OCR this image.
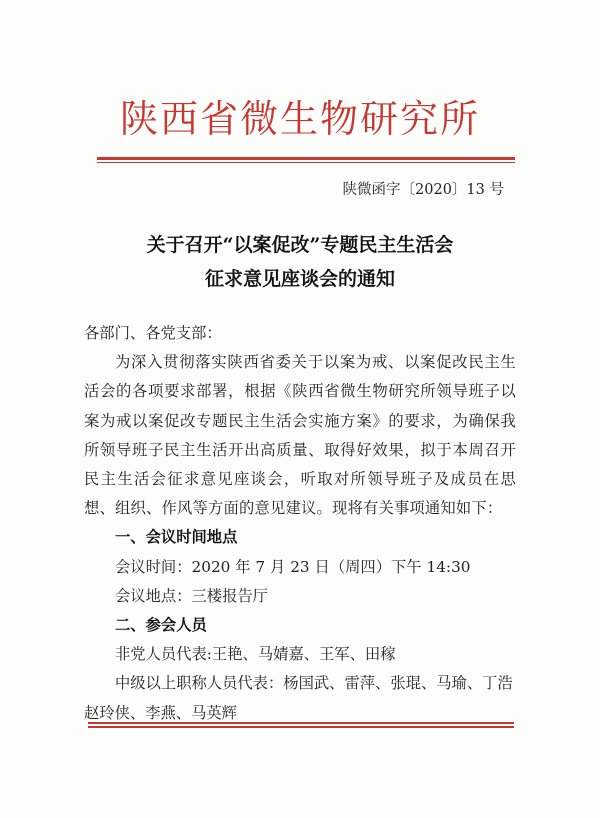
陕西省微生物研究所
陕微函字〔2020〕13 号
关于召开“以案促改”专题民主生活会
征求意见座谈会的通知

各部门、各党支部：

为深入贯彻落实陕西省委关于以案为戒、以案促改民主生活会的各项要求部署，根据《陕西省微生物研究所领导班子以案为戒以案促改专题民主生活会实施方案》的要求，为确保我所领导班子民主生活开出高质量、取得好效果，拟于本周召开民主生活会征求意见座谈会，听取对所领导班子及成员在思想、组织、作风等方面的意见建议。现将有关事项通知如下：

一、会议时间地点

会议时间：2020 年 7 月 23 日（周四）下午 14:30

会议地点：三楼报告厅

二、参会人员

非党人员代表:王艳、马婧嘉、王军、田稼

中级以上职称人员代表：杨国武、雷萍、张琨、马瑜、丁浩赵玲侠、李燕、马英辉
